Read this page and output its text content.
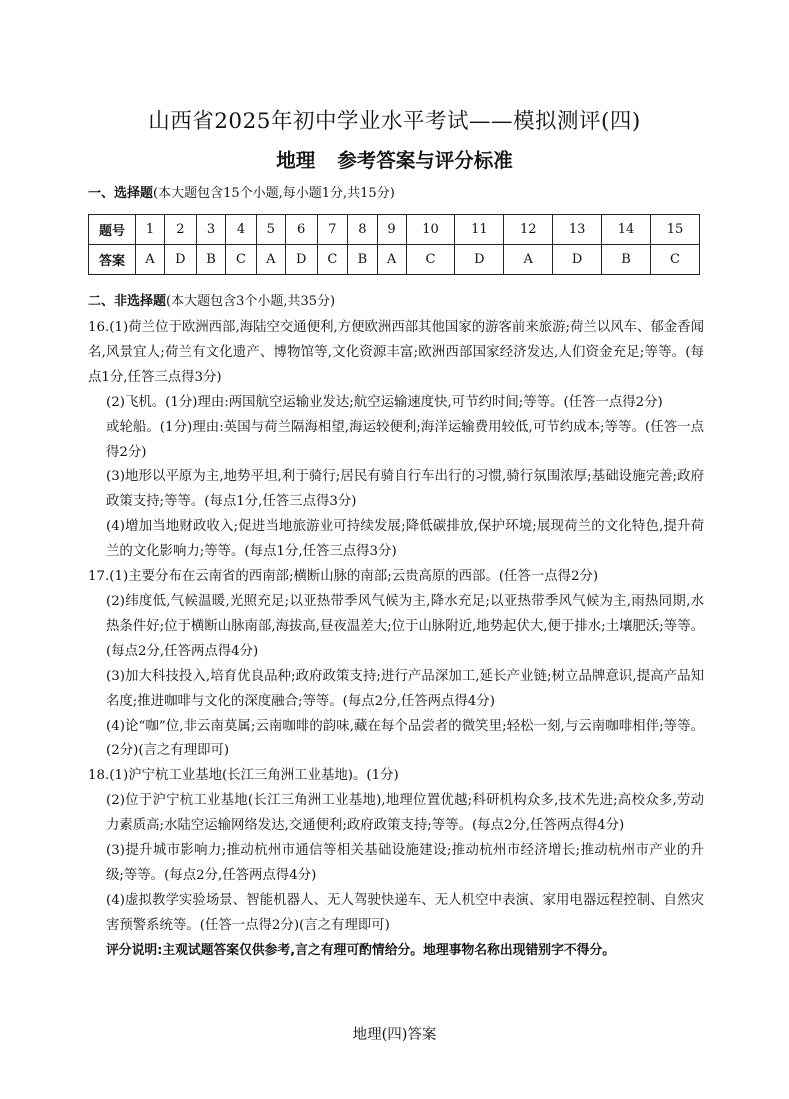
山西省2025年初中学业水平考试——模拟测评(四)
地理 参考答案与评分标准
一、选择题(本大题包含15个小题,每小题1分,共15分)
题号	1	2	3	4	5	6	7	8	9	10	11	12	13	14	15
答案	A	D	B	C	A	D	C	B	A	C	D	A	D	B	C
二、非选择题(本大题包含3个小题,共35分)

16.(1)荷兰位于欧洲西部,海陆空交通便利,方便欧洲西部其他国家的游客前来旅游;荷兰以风车、郁金香闻名,风景宜人;荷兰有文化遗产、博物馆等,文化资源丰富;欧洲西部国家经济发达,人们资金充足;等等。(每点1分,任答三点得3分)

(2)飞机。(1分)理由:两国航空运输业发达;航空运输速度快,可节约时间;等等。(任答一点得2分)

或轮船。(1分)理由:英国与荷兰隔海相望,海运较便利;海洋运输费用较低,可节约成本;等等。(任答一点得2分)

(3)地形以平原为主,地势平坦,利于骑行;居民有骑自行车出行的习惯,骑行氛围浓厚;基础设施完善;政府政策支持;等等。(每点1分,任答三点得3分)

(4)增加当地财政收入;促进当地旅游业可持续发展;降低碳排放,保护环境;展现荷兰的文化特色,提升荷兰的文化影响力;等等。(每点1分,任答三点得3分)

17.(1)主要分布在云南省的西南部;横断山脉的南部;云贵高原的西部。(任答一点得2分)

(2)纬度低,气候温暖,光照充足;以亚热带季风气候为主,降水充足;以亚热带季风气候为主,雨热同期,水热条件好;位于横断山脉南部,海拔高,昼夜温差大;位于山脉附近,地势起伏大,便于排水;土壤肥沃;等等。(每点2分,任答两点得4分)

(3)加大科技投入,培育优良品种;政府政策支持;进行产品深加工,延长产业链;树立品牌意识,提高产品知名度;推进咖啡与文化的深度融合;等等。(每点2分,任答两点得4分)

(4)论“咖”位,非云南莫属;云南咖啡的韵味,藏在每个品尝者的微笑里;轻松一刻,与云南咖啡相伴;等等。(2分)(言之有理即可)

18.(1)沪宁杭工业基地(长江三角洲工业基地)。(1分)

(2)位于沪宁杭工业基地(长江三角洲工业基地),地理位置优越;科研机构众多,技术先进;高校众多,劳动力素质高;水陆空运输网络发达,交通便利;政府政策支持;等等。(每点2分,任答两点得4分)

(3)提升城市影响力;推动杭州市通信等相关基础设施建设;推动杭州市经济增长;推动杭州市产业的升级;等等。(每点2分,任答两点得4分)

(4)虚拟教学实验场景、智能机器人、无人驾驶快递车、无人机空中表演、家用电器远程控制、自然灾害预警系统等。(任答一点得2分)(言之有理即可)

评分说明:主观试题答案仅供参考,言之有理可酌情给分。地理事物名称出现错别字不得分。

地理(四)答案
